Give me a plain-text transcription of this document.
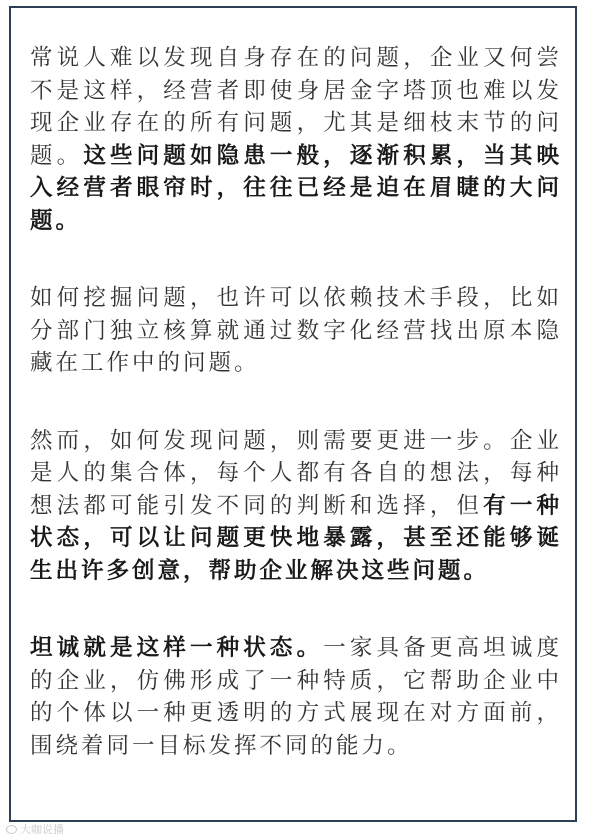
常说人难以发现自身存在的问题，企业又何尝不是这样，经营者即使身居金字塔顶也难以发现企业存在的所有问题，尤其是细枝末节的问题。这些问题如隐患一般，逐渐积累，当其映入经营者眼帘时，往往已经是迫在眉睫的大问题。

如何挖掘问题，也许可以依赖技术手段，比如分部门独立核算就通过数字化经营找出原本隐藏在工作中的问题。

然而，如何发现问题，则需要更进一步。企业是人的集合体，每个人都有各自的想法，每种想法都可能引发不同的判断和选择，但有一种状态，可以让问题更快地暴露，甚至还能够诞生出许多创意，帮助企业解决这些问题。

坦诚就是这样一种状态。一家具备更高坦诚度的企业，仿佛形成了一种特质，它帮助企业中的个体以一种更透明的方式展现在对方面前，围绕着同一目标发挥不同的能力。

大咖说播
